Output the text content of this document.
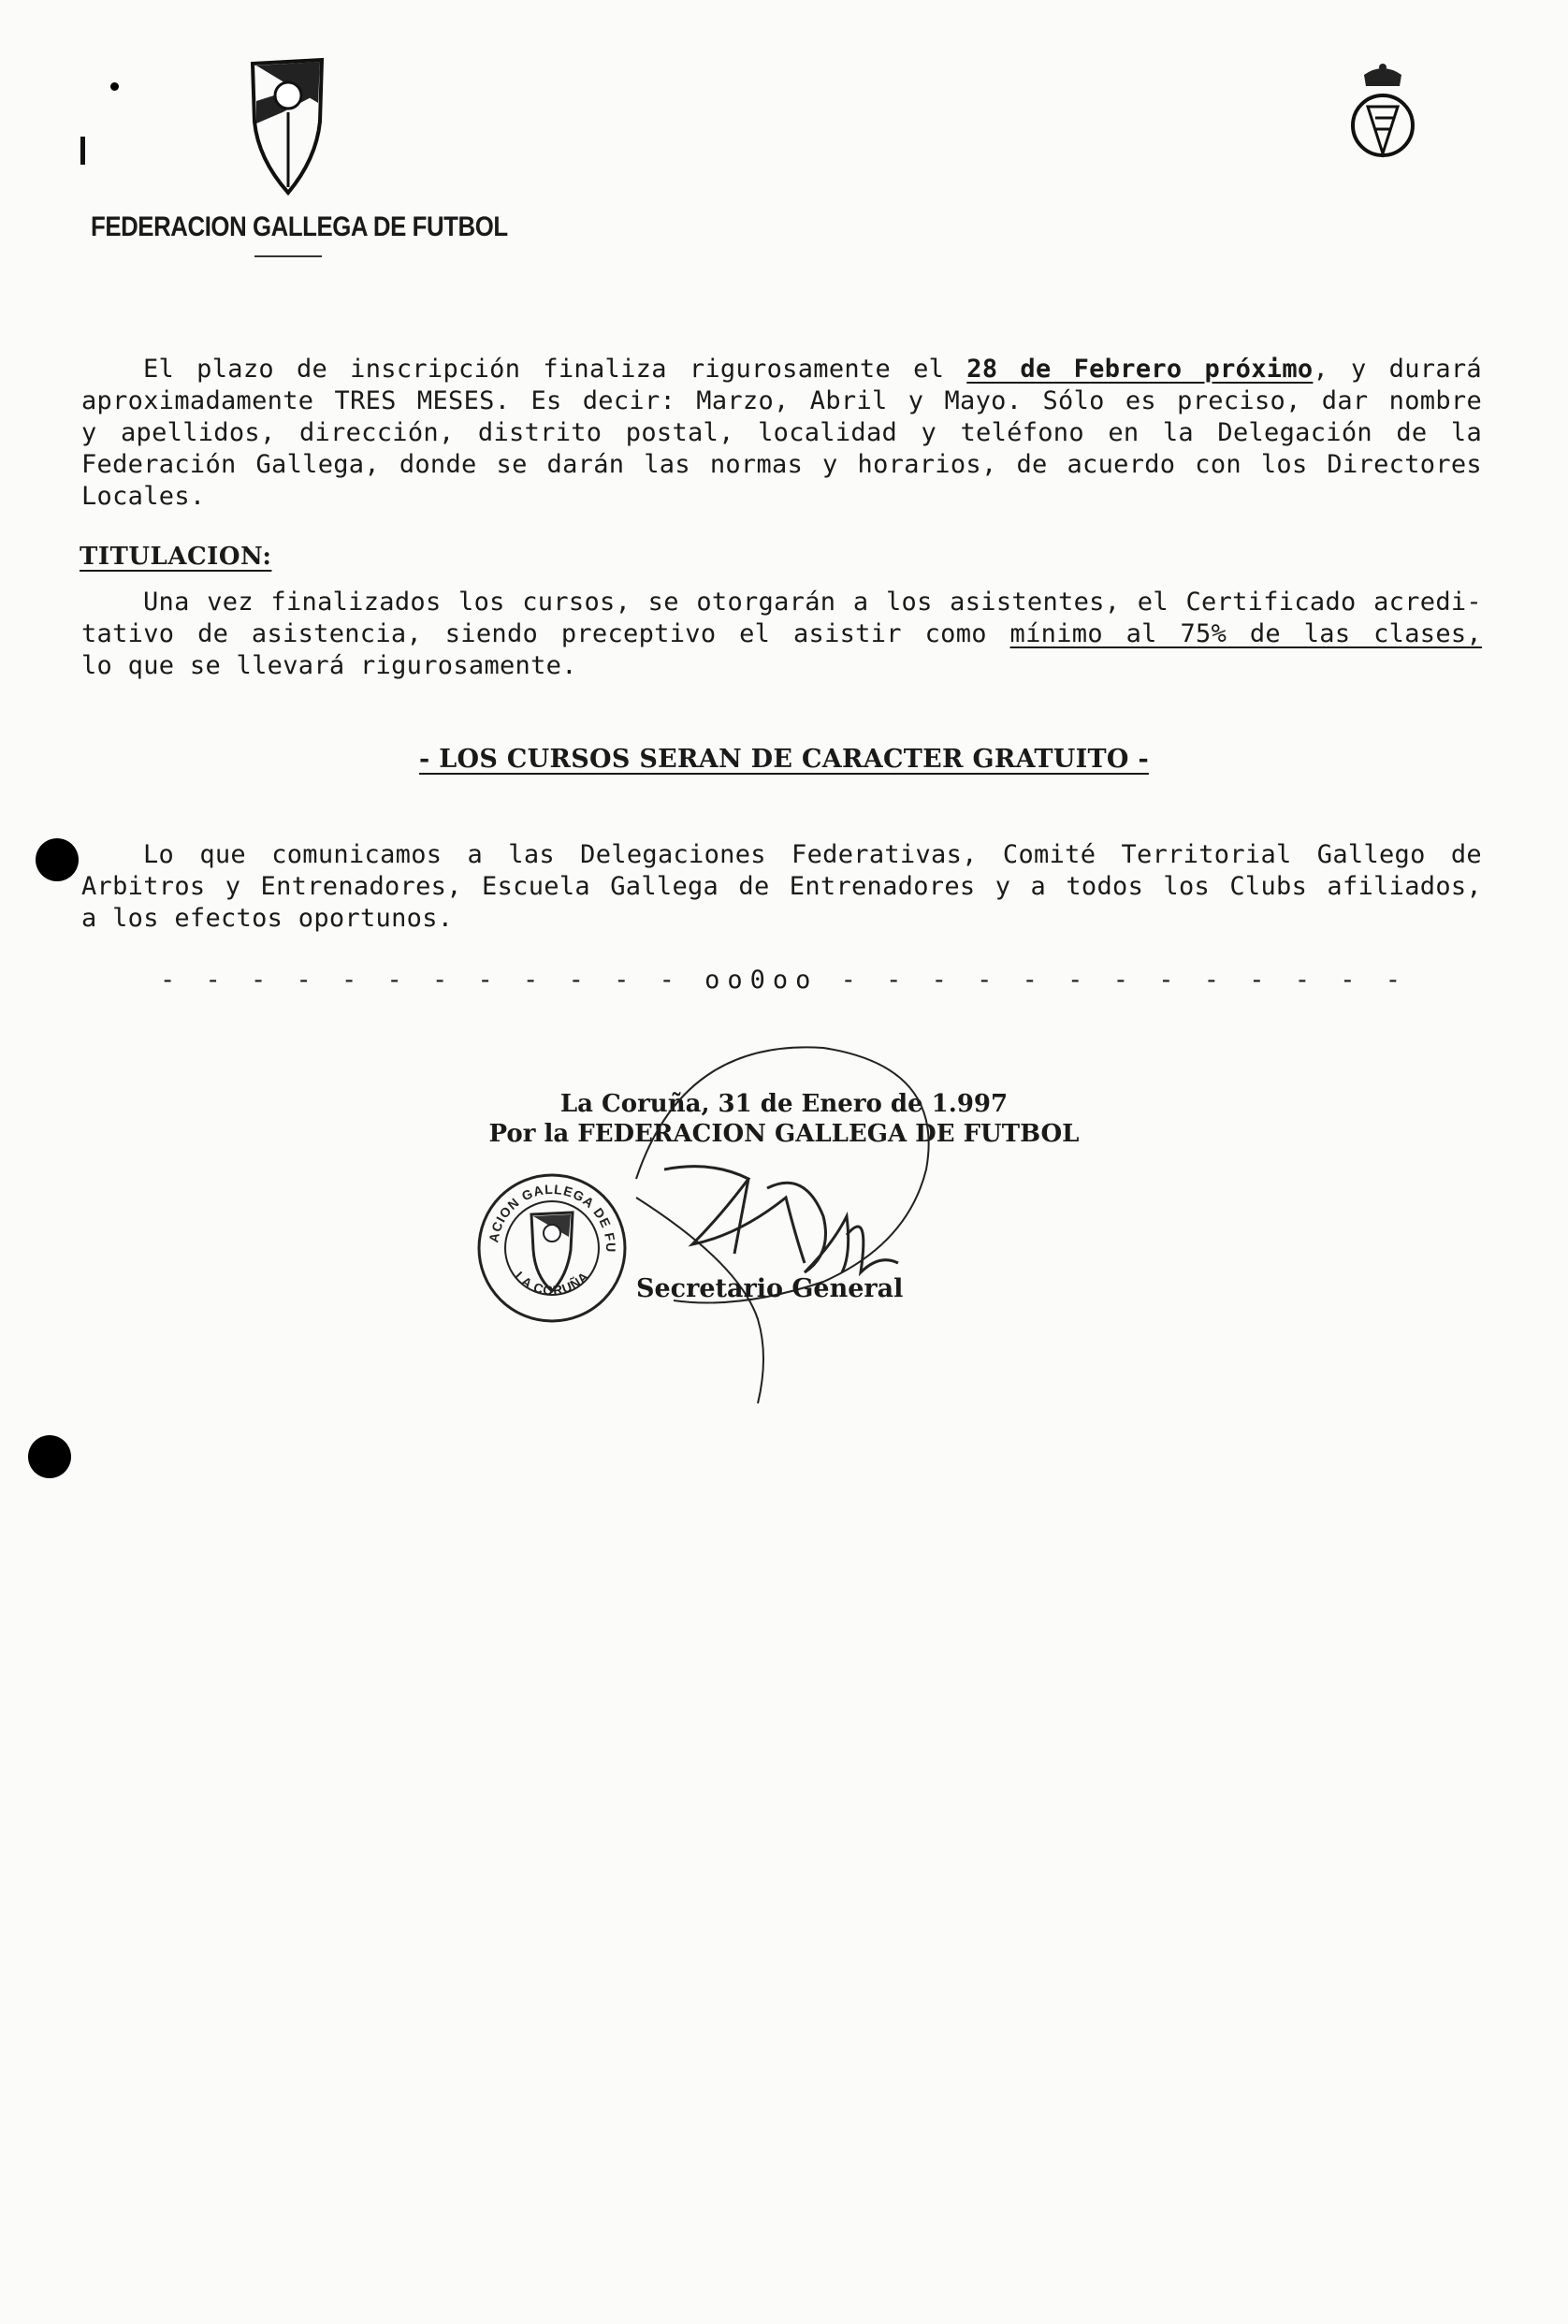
FEDERACION GALLEGA DE FUTBOL
El plazo de inscripción finaliza rigurosamente el 28 de Febrero próximo, y durará
aproximadamente TRES MESES. Es decir: Marzo, Abril y Mayo. Sólo es preciso, dar nombre
y apellidos, dirección, distrito postal, localidad y teléfono en la Delegación de la
Federación Gallega, donde se darán las normas y horarios, de acuerdo con los Directores
Locales.
TITULACION:
Una vez finalizados los cursos, se otorgarán a los asistentes, el Certificado acredi-
tativo de asistencia, siendo preceptivo el asistir como mínimo al 75% de las clases,
lo que se llevará rigurosamente.
- LOS CURSOS SERAN DE CARACTER GRATUITO -
Lo que comunicamos a las Delegaciones Federativas, Comité Territorial Gallego de
Arbitros y Entrenadores, Escuela Gallega de Entrenadores y a todos los Clubs afiliados,
a los efectos oportunos.
- - - - - - - - - - - - oo0oo - - - - - - - - - - - - -
La Coruña, 31 de Enero de 1.997
Por la FEDERACION GALLEGA DE FUTBOL
ACION GALLEGA DE FU
LA CORUÑA Secretario General
